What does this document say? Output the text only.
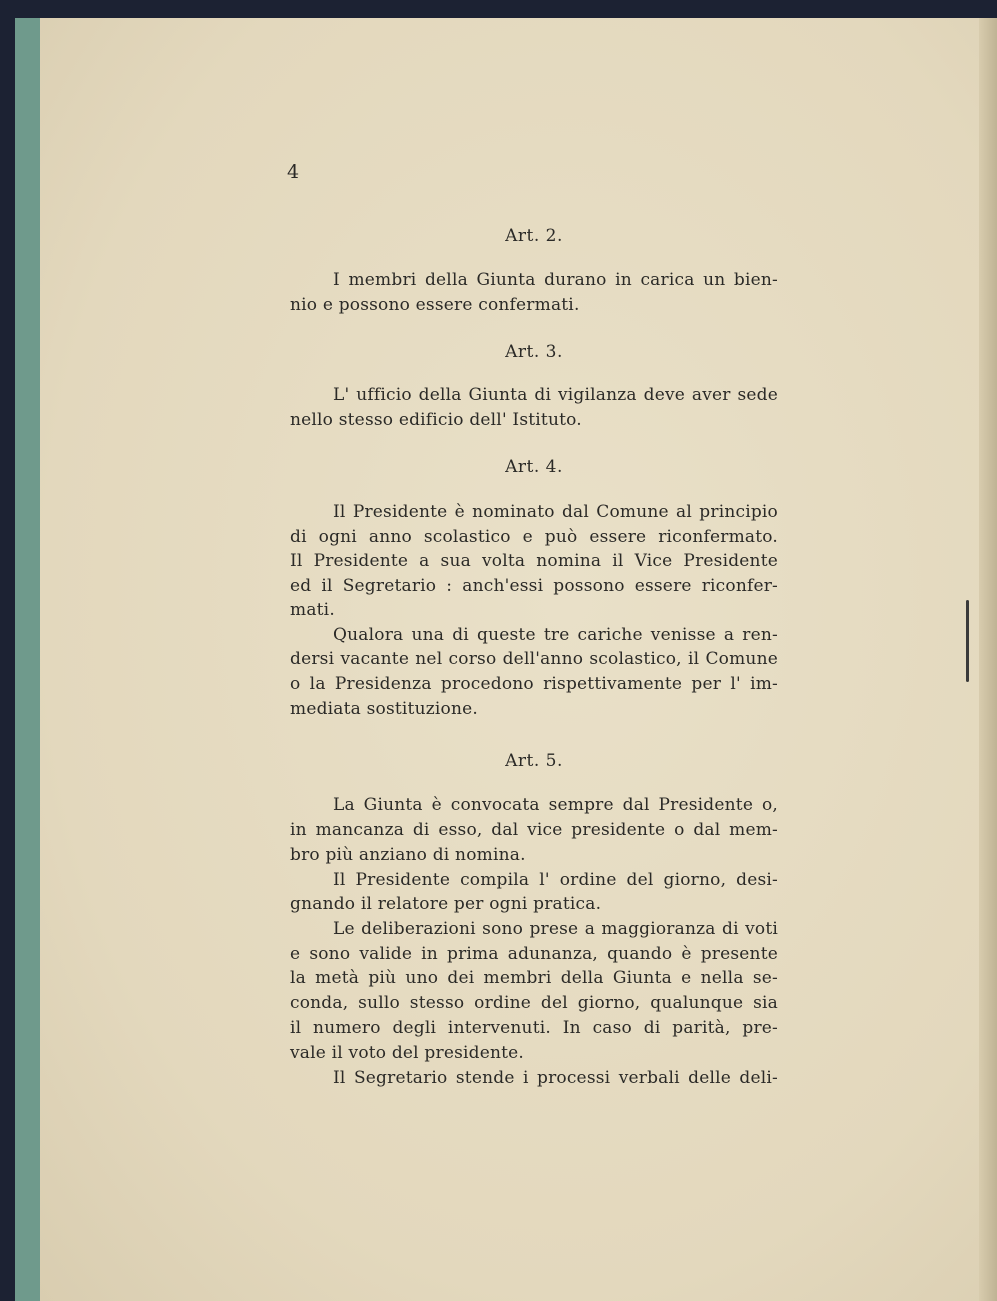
4
Art. 2.
I membri della Giunta durano in carica un bien-
nio e possono essere confermati.
Art. 3.
L' ufficio della Giunta di vigilanza deve aver sede
nello stesso edificio dell' Istituto.
Art. 4.
Il Presidente è nominato dal Comune al principio
di ogni anno scolastico e può essere riconfermato.
Il Presidente a sua volta nomina il Vice Presidente
ed il Segretario : anch'essi possono essere riconfer-
mati.
Qualora una di queste tre cariche venisse a ren-
dersi vacante nel corso dell'anno scolastico, il Comune
o la Presidenza procedono rispettivamente per l' im-
mediata sostituzione.
Art. 5.
La Giunta è convocata sempre dal Presidente o,
in mancanza di esso, dal vice presidente o dal mem-
bro più anziano di nomina.
Il Presidente compila l' ordine del giorno, desi-
gnando il relatore per ogni pratica.
Le deliberazioni sono prese a maggioranza di voti
e sono valide in prima adunanza, quando è presente
la metà più uno dei membri della Giunta e nella se-
conda, sullo stesso ordine del giorno, qualunque sia
il numero degli intervenuti. In caso di parità, pre-
vale il voto del presidente.
Il Segretario stende i processi verbali delle deli-
